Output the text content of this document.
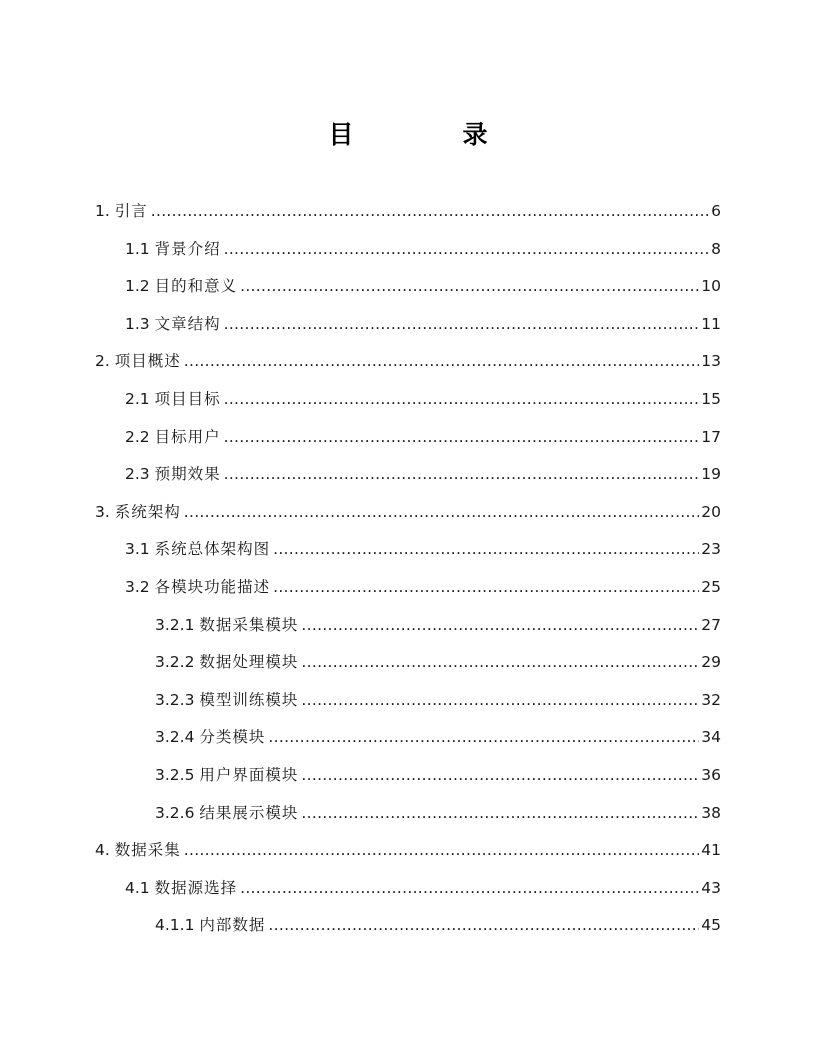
目　录
1. 引言 .....	6
1.1 背景介绍 .....	8
1.2 目的和意义 .....	10
1.3 文章结构 .....	11
2. 项目概述 .....	13
2.1 项目目标 .....	15
2.2 目标用户 .....	17
2.3 预期效果 .....	19
3. 系统架构 .....	20
3.1 系统总体架构图 .....	23
3.2 各模块功能描述 .....	25
3.2.1 数据采集模块 .....	27
3.2.2 数据处理模块 .....	29
3.2.3 模型训练模块 .....	32
3.2.4 分类模块 .....	34
3.2.5 用户界面模块 .....	36
3.2.6 结果展示模块 .....	38
4. 数据采集 .....	41
4.1 数据源选择 .....	43
4.1.1 内部数据 .....	45
